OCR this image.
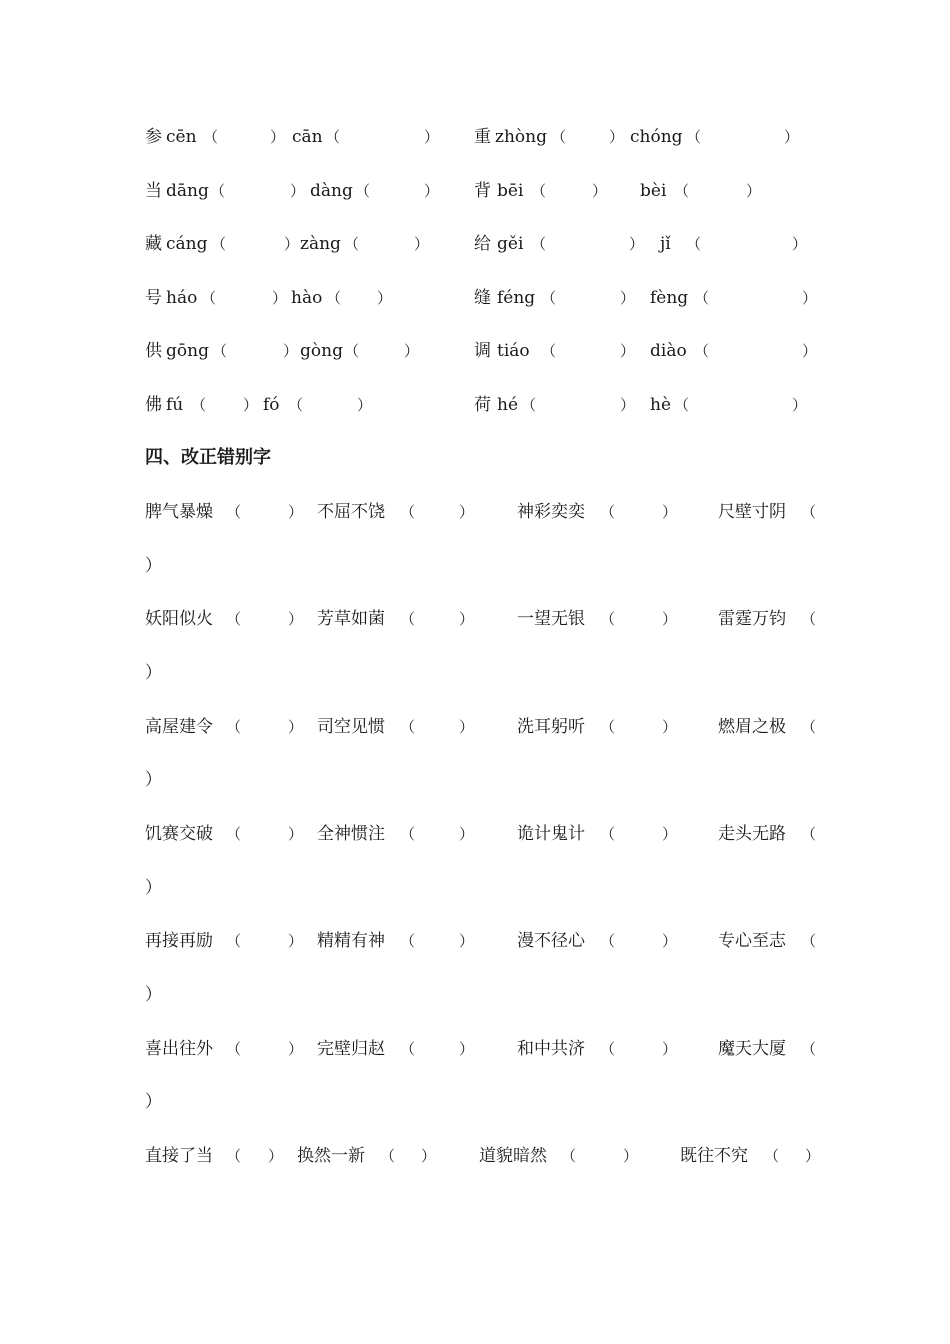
参 cēn （	） cān （	） 重 zhòng （	） chóng （	）
当 dāng （	） dàng （	） 背 bēi （	） bèi （	）
藏 cáng （	） zàng （	）	给 gěi （	） jǐ （	）
号 háo （	） hào （ ）	缝 féng （	） fèng （	）
供 gōng （	） gòng （	）	调 tiáo （	） diào （	）
佛 fú （ ） fó （	）	荷 hé （	） hè （	）
四、改正错别字
脾气暴燥 （	） 不屈不饶 （	）	神彩奕奕 （	） 尺壁寸阴 （
）
妖阳似火 （	） 芳草如菌 （	）	一望无银 （	） 雷霆万钧 （
）
高屋建令 （	） 司空见惯 （	）	洗耳躬听 （	） 燃眉之极 （
）
饥赛交破 （	） 全神惯注 （	）	诡计鬼计 （	） 走头无路 （
）
再接再励 （	） 精精有神 （	）	漫不径心 （	） 专心至志 （
）
喜出往外 （	） 完壁归赵 （	）	和中共济 （	） 魔天大厦 （
）
直接了当 （ ） 换然一新 （ ）	道貌暗然 （	） 既往不究 （ ）
